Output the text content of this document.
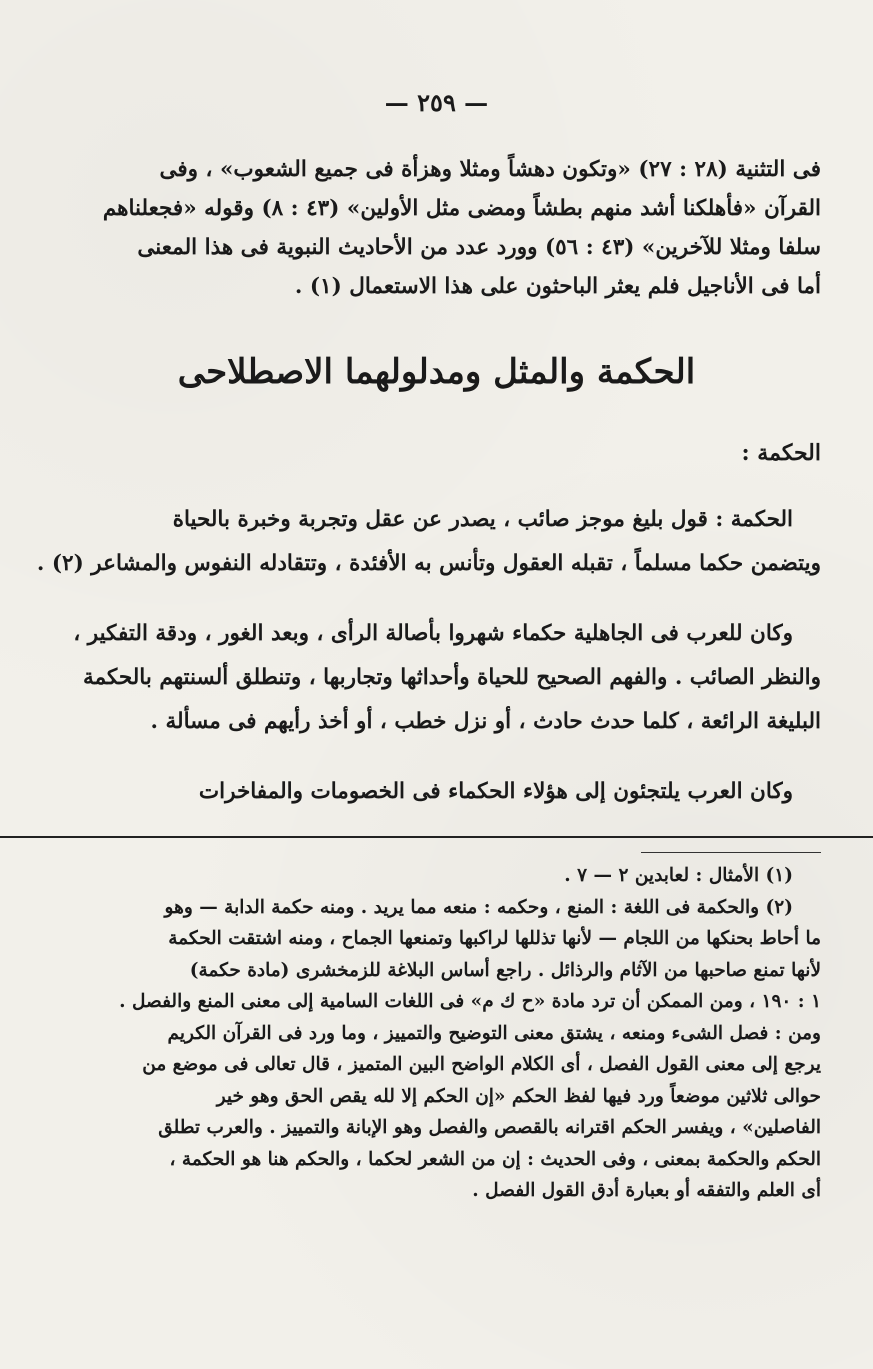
— ٢٥٩ —
فى التثنية (٢٨ : ٢٧) «وتكون دهشاً ومثلا وهزأة فى جميع الشعوب» ، وفى
القرآن «فأهلكنا أشد منهم بطشاً ومضى مثل الأولين» (٤٣ : ٨) وقوله «فجعلناهم
سلفا ومثلا للآخرين» (٤٣ : ٥٦) وورد عدد من الأحاديث النبوية فى هذا المعنى
أما فى الأناجيل فلم يعثر الباحثون على هذا الاستعمال (١) .
الحكمة والمثل ومدلولهما الاصطلاحى
الحكمة :
الحكمة : قول بليغ موجز صائب ، يصدر عن عقل وتجربة وخبرة بالحياة
ويتضمن حكما مسلماً ، تقبله العقول وتأنس به الأفئدة ، وتتقادله النفوس والمشاعر (٢) .
وكان للعرب فى الجاهلية حكماء شهروا بأصالة الرأى ، وبعد الغور ، ودقة التفكير ،
والنظر الصائب . والفهم الصحيح للحياة وأحداثها وتجاربها ، وتنطلق ألسنتهم بالحكمة
البليغة الرائعة ، كلما حدث حادث ، أو نزل خطب ، أو أخذ رأيهم فى مسألة .
وكان العرب يلتجئون إلى هؤلاء الحكماء فى الخصومات والمفاخرات
(١) الأمثال : لعابدين ٢ — ٧ .
(٢) والحكمة فى اللغة : المنع ، وحكمه : منعه مما يريد . ومنه حكمة الدابة — وهو
ما أحاط بحنكها من اللجام — لأنها تذللها لراكبها وتمنعها الجماح ، ومنه اشتقت الحكمة
لأنها تمنع صاحبها من الآثام والرذائل . راجع أساس البلاغة للزمخشرى (مادة حكمة)
١ : ١٩٠ ، ومن الممكن أن ترد مادة «ح ك م» فى اللغات السامية إلى معنى المنع والفصل .
ومن : فصل الشىء ومنعه ، يشتق معنى التوضيح والتمييز ، وما ورد فى القرآن الكريم
يرجع إلى معنى القول الفصل ، أى الكلام الواضح البين المتميز ، قال تعالى فى موضع من
حوالى ثلاثين موضعاً ورد فيها لفظ الحكم «إن الحكم إلا لله يقص الحق وهو خير
الفاصلين» ، ويفسر الحكم اقترانه بالقصص والفصل وهو الإبانة والتمييز . والعرب تطلق
الحكم والحكمة بمعنى ، وفى الحديث : إن من الشعر لحكما ، والحكم هنا هو الحكمة ،
أى العلم والتفقه أو بعبارة أدق القول الفصل .
